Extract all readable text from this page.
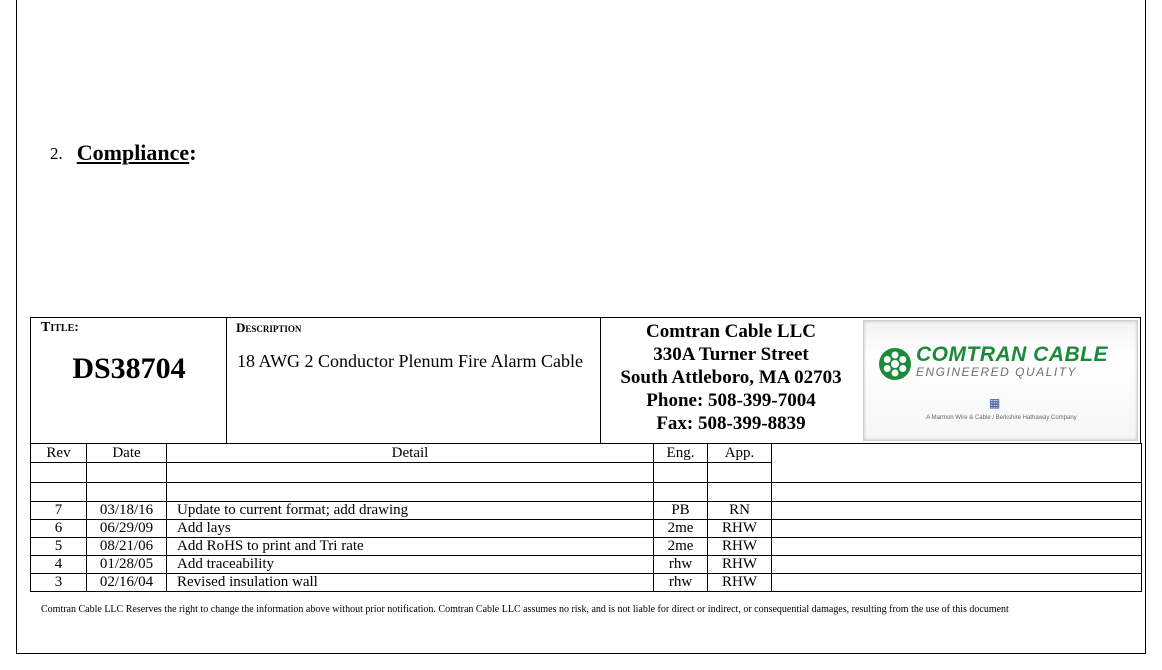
2. Compliance:
Title:
DS38704
Description
18 AWG 2 Conductor Plenum Fire Alarm Cable
Comtran Cable LLC
330A Turner Street
South Attleboro, MA 02703
Phone: 508-399-7004
Fax: 508-399-8839
COMTRAN CABLE
ENGINEERED QUALITY
▦
A Marmon Wire & Cable / Berkshire Hathaway Company
Rev	Date	Detail	Eng.	App.	

7	03/18/16	Update to current format; add drawing	PB	RN	
6	06/29/09	Add lays	2me	RHW	
5	08/21/06	Add RoHS to print and Tri rate	2me	RHW	
4	01/28/05	Add traceability	rhw	RHW	
3	02/16/04	Revised insulation wall	rhw	RHW	
Comtran Cable LLC Reserves the right to change the information above without prior notification. Comtran Cable LLC assumes no risk, and is not liable for direct or indirect, or consequential damages, resulting from the use of this document
